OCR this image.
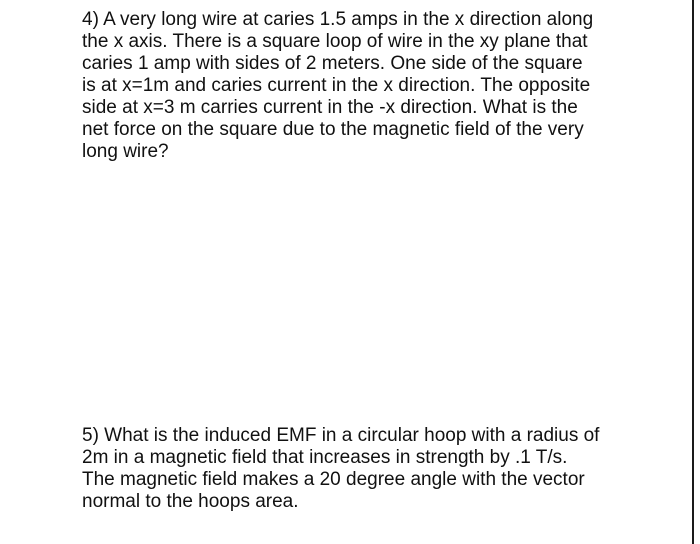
4) A very long wire at caries 1.5 amps in the x direction along
the x axis. There is a square loop of wire in the xy plane that
caries 1 amp with sides of 2 meters. One side of the square
is at x=1m and caries current in the x direction. The opposite
side at x=3 m carries current in the -x direction. What is the
net force on the square due to the magnetic field of the very
long wire?
5) What is the induced EMF in a circular hoop with a radius of
2m in a magnetic field that increases in strength by .1 T/s.
The magnetic field makes a 20 degree angle with the vector
normal to the hoops area.
